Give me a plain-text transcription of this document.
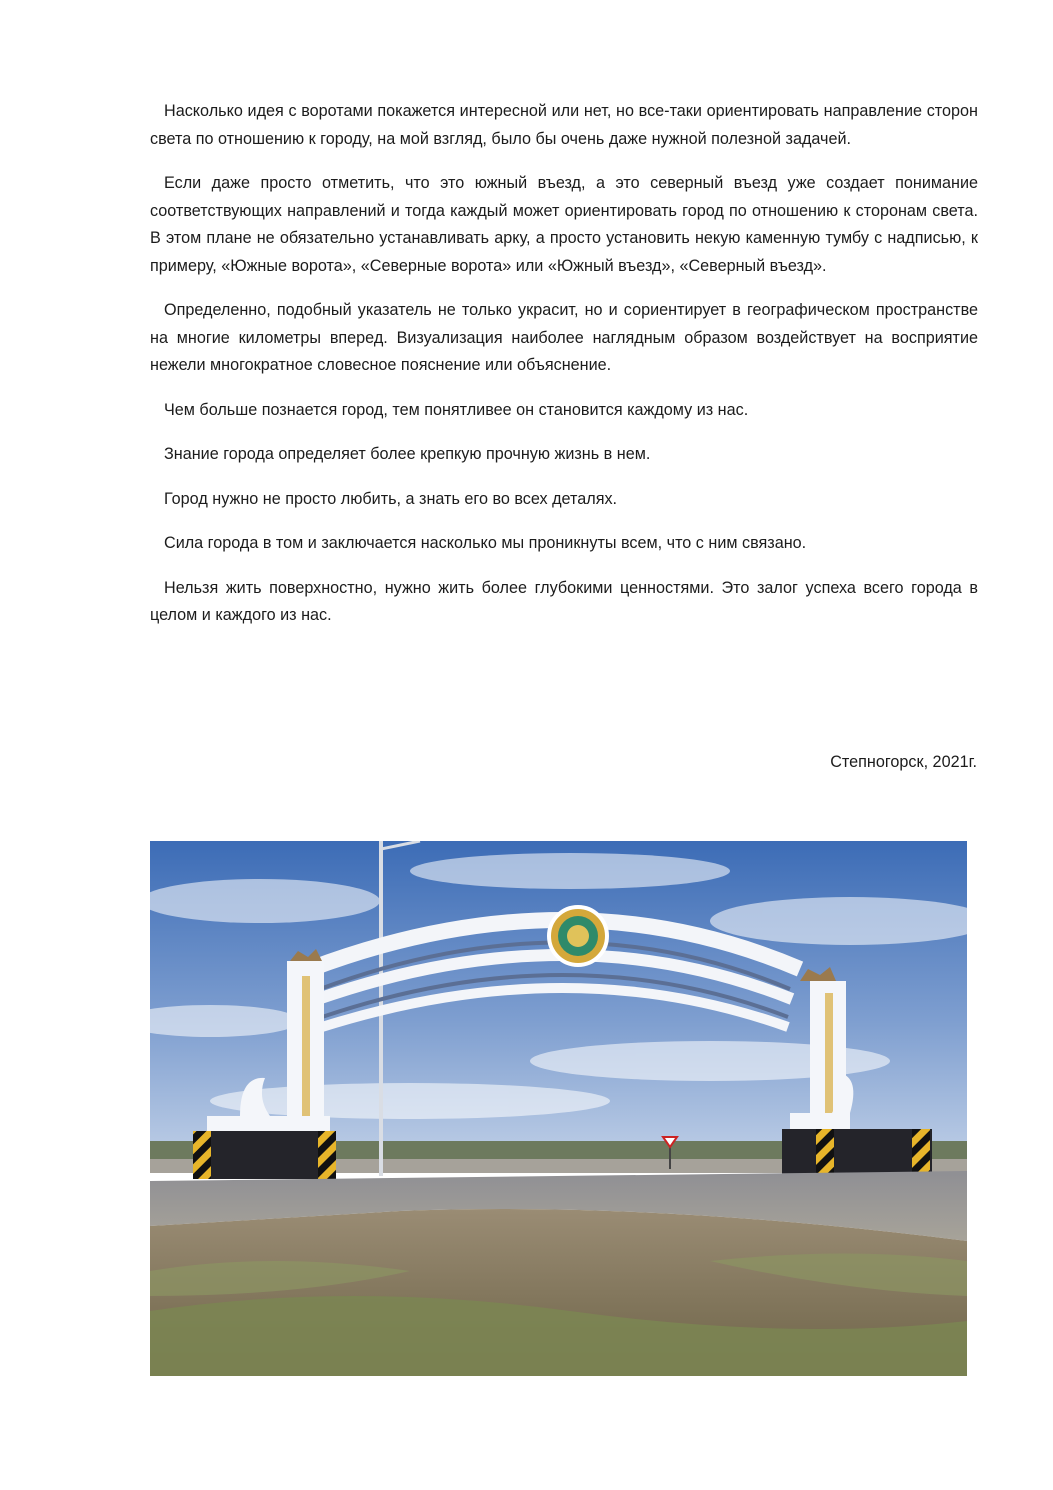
Насколько идея с воротами покажется интересной или нет, но все-таки ориентировать направление сторон света по отношению к городу, на мой взгляд, было бы очень даже нужной полезной задачей.

Если даже просто отметить, что это южный въезд, а это северный въезд уже создает понимание соответствующих направлений и тогда каждый может ориентировать город по отношению к сторонам света. В этом плане не обязательно устанавливать арку, а просто установить некую каменную тумбу с надписью, к примеру, «Южные ворота», «Северные ворота» или «Южный въезд», «Северный въезд».

Определенно, подобный указатель не только украсит, но и сориентирует в географическом пространстве на многие километры вперед. Визуализация наиболее наглядным образом воздействует на восприятие нежели многократное словесное пояснение или объяснение.

Чем больше познается город, тем понятливее он становится каждому из нас.

Знание города определяет более крепкую прочную жизнь в нем.

Город нужно не просто любить, а знать его во всех деталях.

Сила города в том и заключается насколько мы проникнуты всем, что с ним связано.

Нельзя жить поверхностно, нужно жить более глубокими ценностями. Это залог успеха всего города в целом и каждого из нас.

Степногорск, 2021г.
